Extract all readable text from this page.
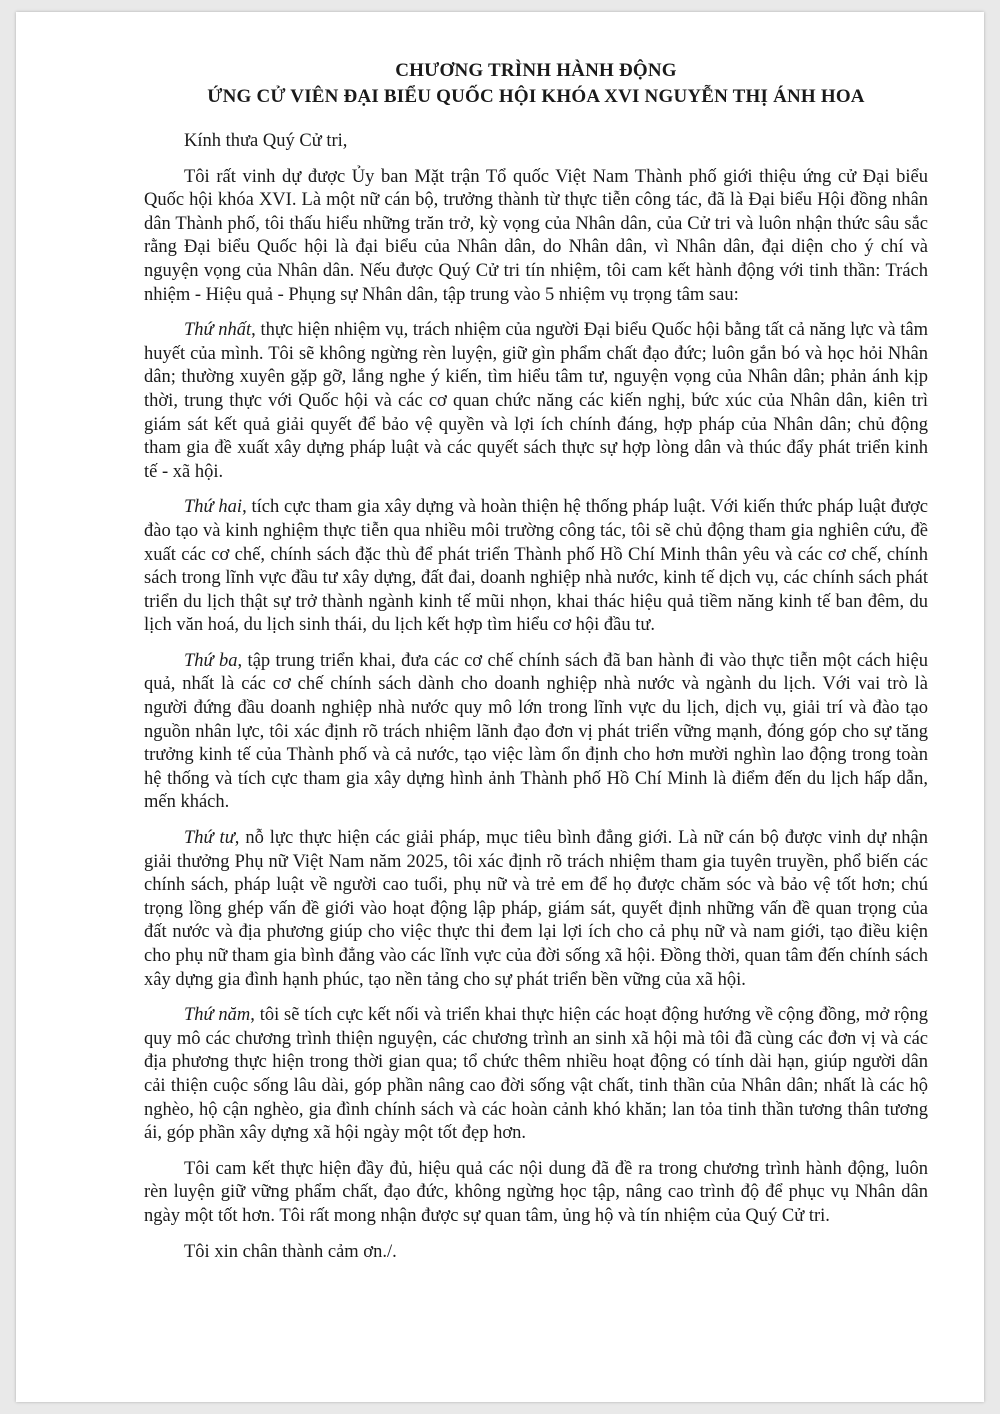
CHƯƠNG TRÌNH HÀNH ĐỘNG

ỨNG CỬ VIÊN ĐẠI BIỂU QUỐC HỘI KHÓA XVI NGUYỄN THỊ ÁNH HOA

Kính thưa Quý Cử tri,

Tôi rất vinh dự được Ủy ban Mặt trận Tổ quốc Việt Nam Thành phố giới thiệu ứng cử Đại biểu Quốc hội khóa XVI. Là một nữ cán bộ, trưởng thành từ thực tiễn công tác, đã là Đại biểu Hội đồng nhân dân Thành phố, tôi thấu hiểu những trăn trở, kỳ vọng của Nhân dân, của Cử tri và luôn nhận thức sâu sắc rằng Đại biểu Quốc hội là đại biểu của Nhân dân, do Nhân dân, vì Nhân dân, đại diện cho ý chí và nguyện vọng của Nhân dân. Nếu được Quý Cử tri tín nhiệm, tôi cam kết hành động với tinh thần: Trách nhiệm - Hiệu quả - Phụng sự Nhân dân, tập trung vào 5 nhiệm vụ trọng tâm sau:

Thứ nhất, thực hiện nhiệm vụ, trách nhiệm của người Đại biểu Quốc hội bằng tất cả năng lực và tâm huyết của mình. Tôi sẽ không ngừng rèn luyện, giữ gìn phẩm chất đạo đức; luôn gắn bó và học hỏi Nhân dân; thường xuyên gặp gỡ, lắng nghe ý kiến, tìm hiểu tâm tư, nguyện vọng của Nhân dân; phản ánh kịp thời, trung thực với Quốc hội và các cơ quan chức năng các kiến nghị, bức xúc của Nhân dân, kiên trì giám sát kết quả giải quyết để bảo vệ quyền và lợi ích chính đáng, hợp pháp của Nhân dân; chủ động tham gia đề xuất xây dựng pháp luật và các quyết sách thực sự hợp lòng dân và thúc đẩy phát triển kinh tế - xã hội.

Thứ hai, tích cực tham gia xây dựng và hoàn thiện hệ thống pháp luật. Với kiến thức pháp luật được đào tạo và kinh nghiệm thực tiễn qua nhiều môi trường công tác, tôi sẽ chủ động tham gia nghiên cứu, đề xuất các cơ chế, chính sách đặc thù để phát triển Thành phố Hồ Chí Minh thân yêu và các cơ chế, chính sách trong lĩnh vực đầu tư xây dựng, đất đai, doanh nghiệp nhà nước, kinh tế dịch vụ, các chính sách phát triển du lịch thật sự trở thành ngành kinh tế mũi nhọn, khai thác hiệu quả tiềm năng kinh tế ban đêm, du lịch văn hoá, du lịch sinh thái, du lịch kết hợp tìm hiểu cơ hội đầu tư.

Thứ ba, tập trung triển khai, đưa các cơ chế chính sách đã ban hành đi vào thực tiễn một cách hiệu quả, nhất là các cơ chế chính sách dành cho doanh nghiệp nhà nước và ngành du lịch. Với vai trò là người đứng đầu doanh nghiệp nhà nước quy mô lớn trong lĩnh vực du lịch, dịch vụ, giải trí và đào tạo nguồn nhân lực, tôi xác định rõ trách nhiệm lãnh đạo đơn vị phát triển vững mạnh, đóng góp cho sự tăng trưởng kinh tế của Thành phố và cả nước, tạo việc làm ổn định cho hơn mười nghìn lao động trong toàn hệ thống và tích cực tham gia xây dựng hình ảnh Thành phố Hồ Chí Minh là điểm đến du lịch hấp dẫn, mến khách.

Thứ tư, nỗ lực thực hiện các giải pháp, mục tiêu bình đẳng giới. Là nữ cán bộ được vinh dự nhận giải thưởng Phụ nữ Việt Nam năm 2025, tôi xác định rõ trách nhiệm tham gia tuyên truyền, phổ biến các chính sách, pháp luật về người cao tuổi, phụ nữ và trẻ em để họ được chăm sóc và bảo vệ tốt hơn; chú trọng lồng ghép vấn đề giới vào hoạt động lập pháp, giám sát, quyết định những vấn đề quan trọng của đất nước và địa phương giúp cho việc thực thi đem lại lợi ích cho cả phụ nữ và nam giới, tạo điều kiện cho phụ nữ tham gia bình đẳng vào các lĩnh vực của đời sống xã hội. Đồng thời, quan tâm đến chính sách xây dựng gia đình hạnh phúc, tạo nền tảng cho sự phát triển bền vững của xã hội.

Thứ năm, tôi sẽ tích cực kết nối và triển khai thực hiện các hoạt động hướng về cộng đồng, mở rộng quy mô các chương trình thiện nguyện, các chương trình an sinh xã hội mà tôi đã cùng các đơn vị và các địa phương thực hiện trong thời gian qua; tổ chức thêm nhiều hoạt động có tính dài hạn, giúp người dân cải thiện cuộc sống lâu dài, góp phần nâng cao đời sống vật chất, tinh thần của Nhân dân; nhất là các hộ nghèo, hộ cận nghèo, gia đình chính sách và các hoàn cảnh khó khăn; lan tỏa tinh thần tương thân tương ái, góp phần xây dựng xã hội ngày một tốt đẹp hơn.

Tôi cam kết thực hiện đầy đủ, hiệu quả các nội dung đã đề ra trong chương trình hành động, luôn rèn luyện giữ vững phẩm chất, đạo đức, không ngừng học tập, nâng cao trình độ để phục vụ Nhân dân ngày một tốt hơn. Tôi rất mong nhận được sự quan tâm, ủng hộ và tín nhiệm của Quý Cử tri.

Tôi xin chân thành cảm ơn./.
